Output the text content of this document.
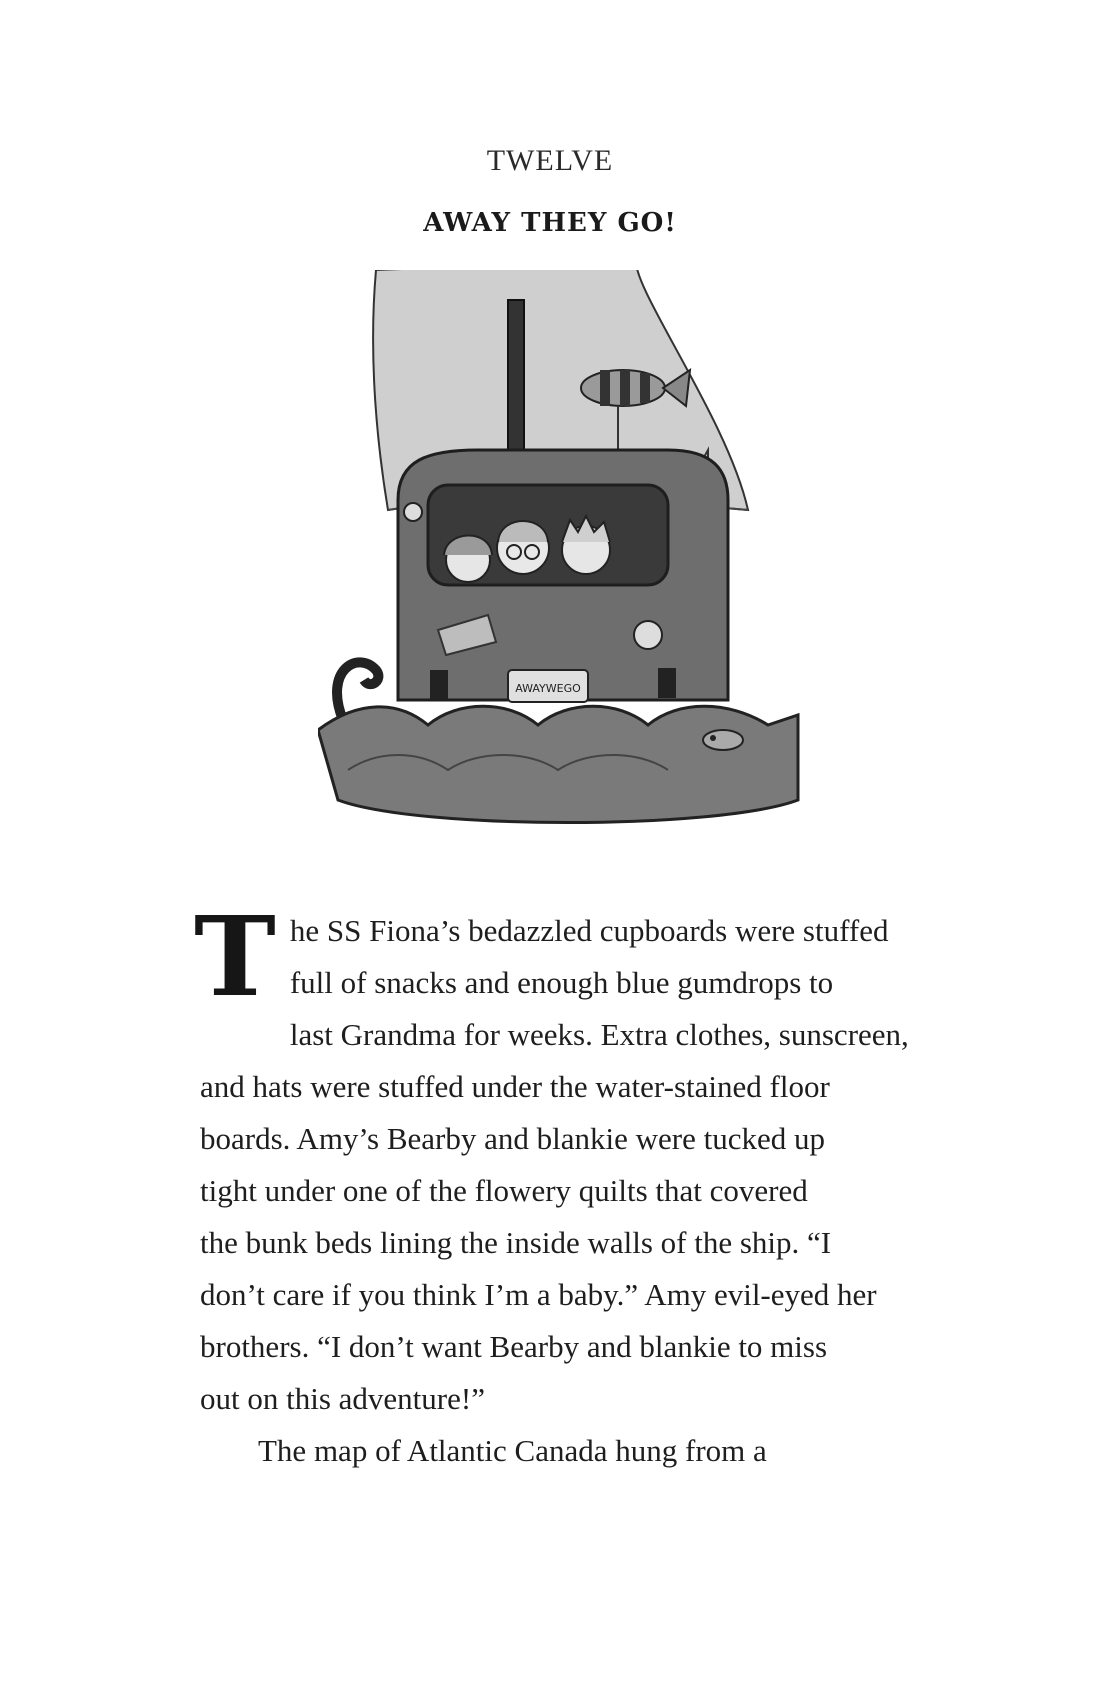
TWELVE
AWAY THEY GO!
AWAYWEGO

T he SS Fiona’s bedazzled cupboards were stuffed
full of snacks and enough blue gumdrops to
last Grandma for weeks. Extra clothes, sunscreen,
and hats were stuffed under the water-stained floor
boards. Amy’s Bearby and blankie were tucked up
tight under one of the flowery quilts that covered
the bunk beds lining the inside walls of the ship. “I
don’t care if you think I’m a baby.” Amy evil-eyed her
brothers. “I don’t want Bearby and blankie to miss
out on this adventure!”

The map of Atlantic Canada hung from a
